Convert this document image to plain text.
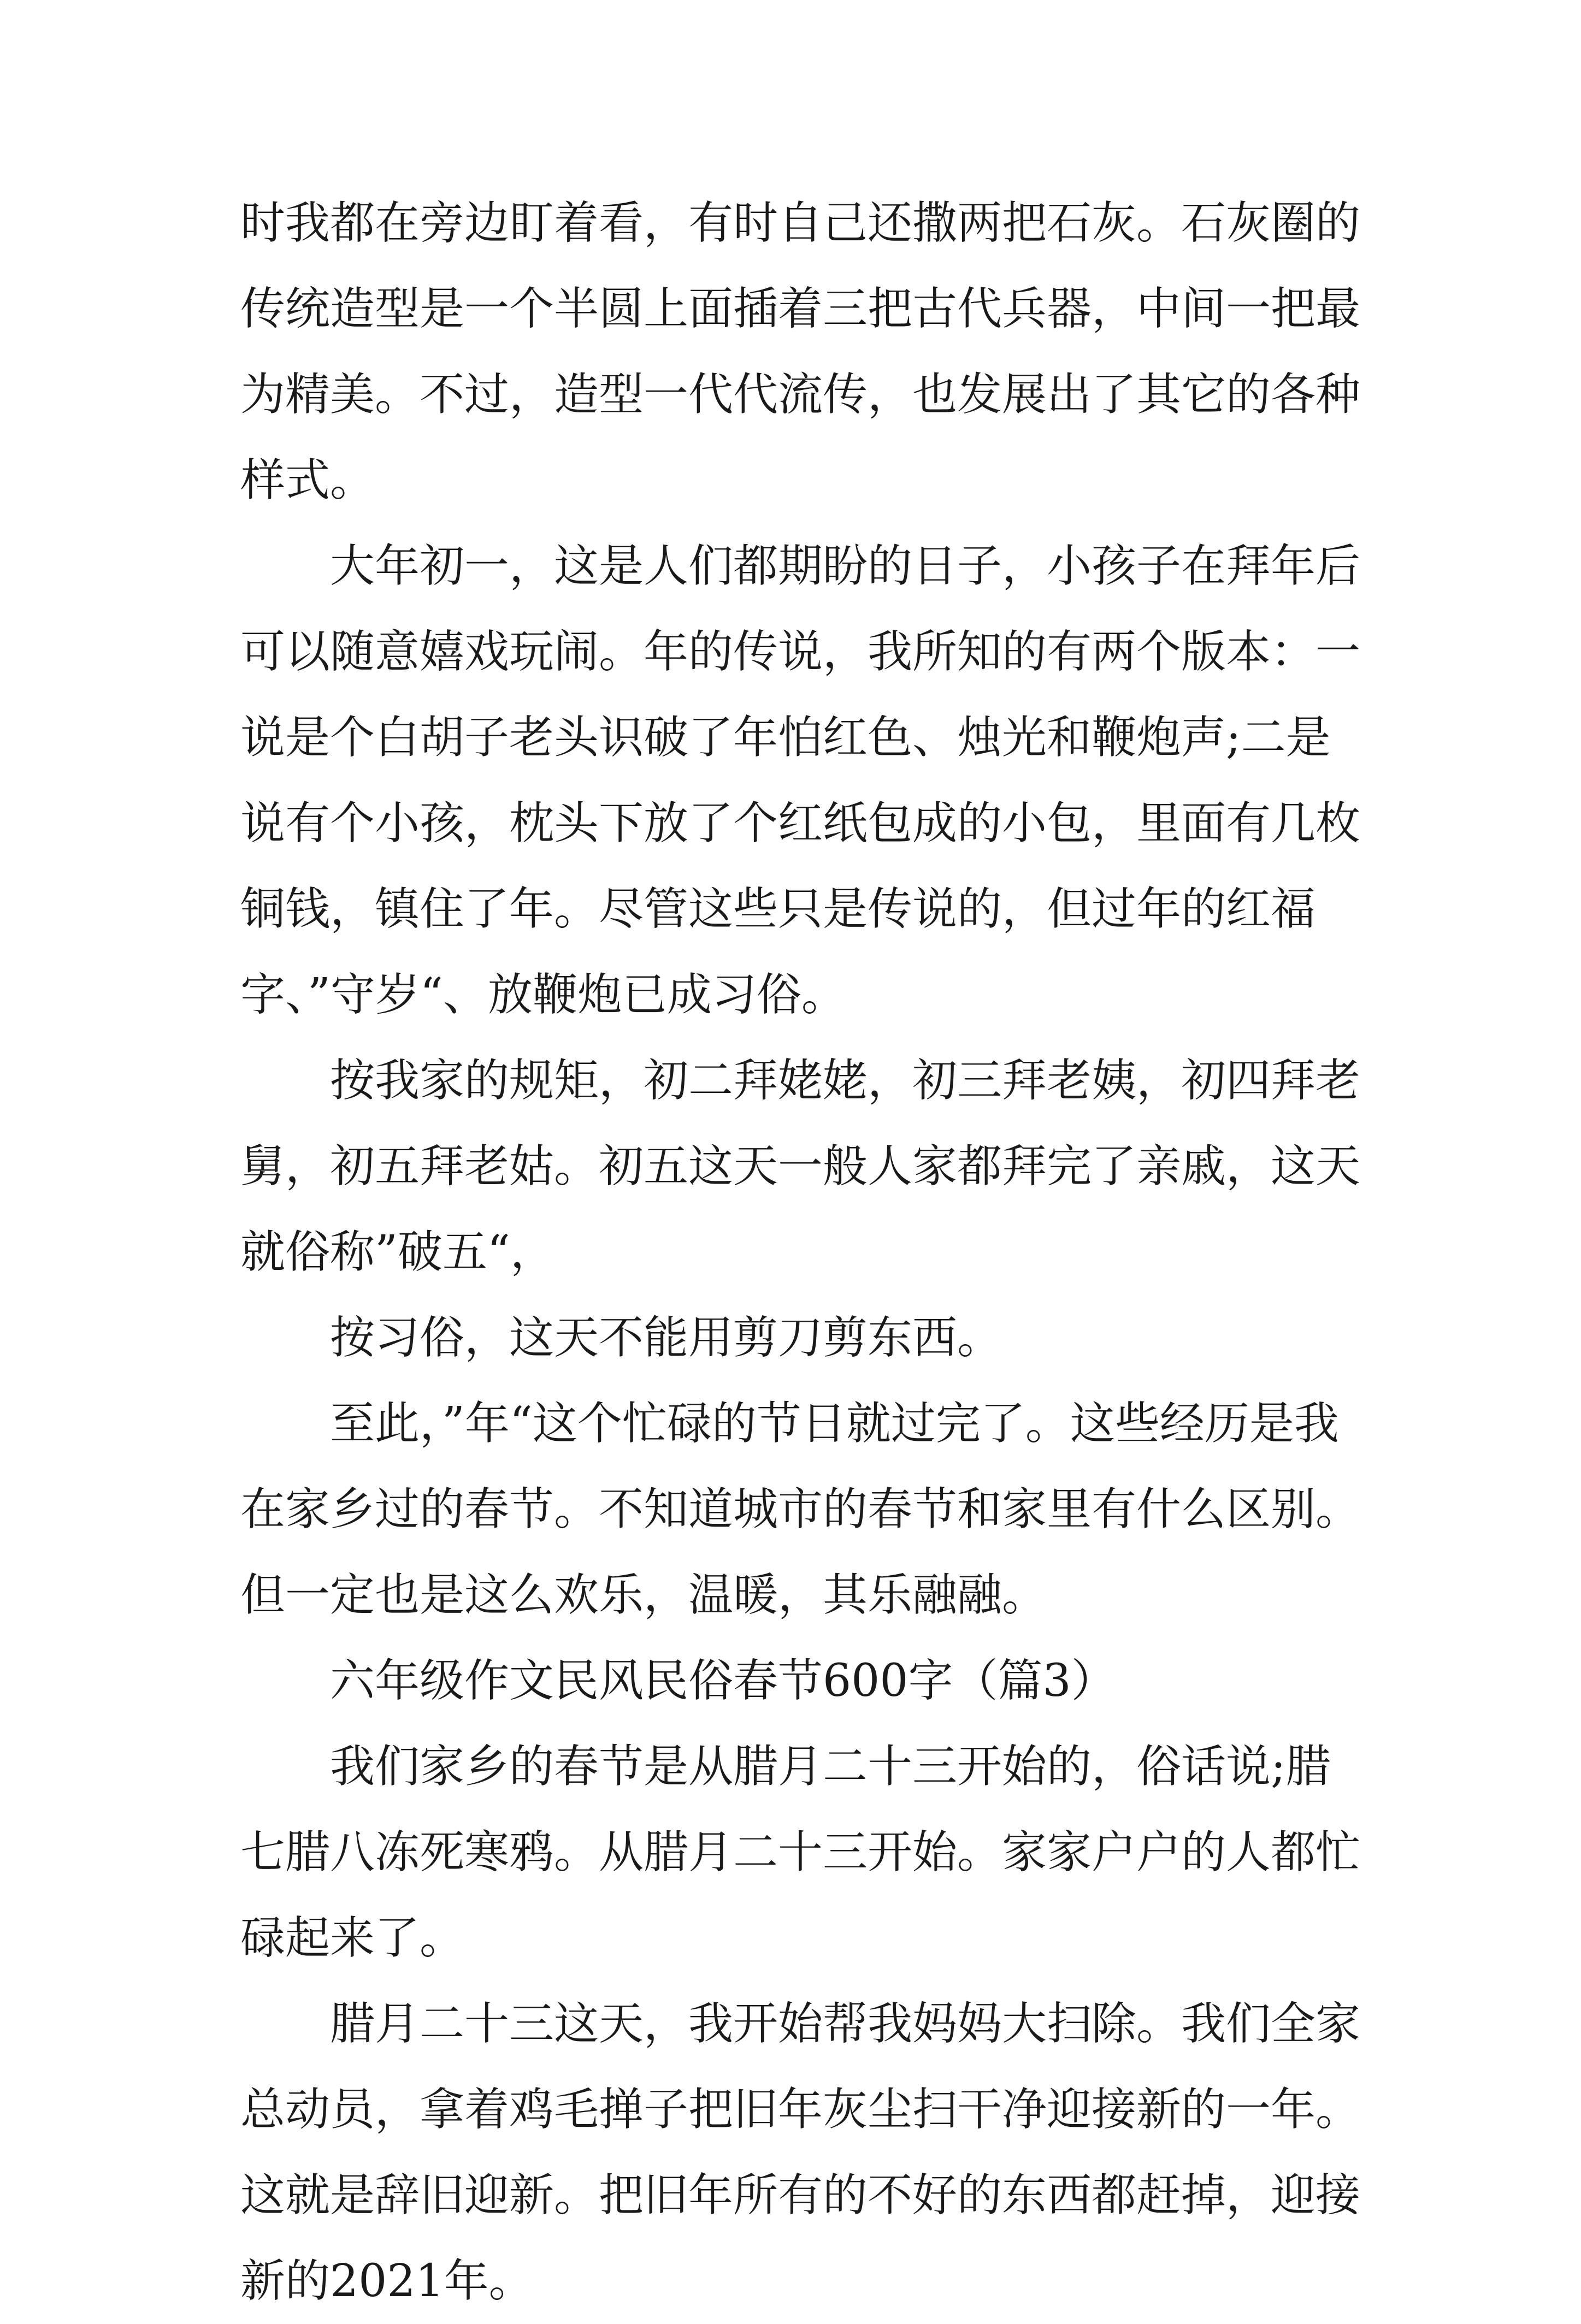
时我都在旁边盯着看，有时自己还撒两把石灰。石灰圈的传统造型是一个半圆上面插着三把古代兵器，中间一把最为精美。不过，造型一代代流传，也发展出了其它的各种样式。

大年初一，这是人们都期盼的日子，小孩子在拜年后可以随意嬉戏玩闹。年的传说，我所知的有两个版本：一说是个白胡子老头识破了年怕红色、烛光和鞭炮声;二是说有个小孩，枕头下放了个红纸包成的小包，里面有几枚铜钱，镇住了年。尽管这些只是传说的，但过年的红福字、”守岁“、放鞭炮已成习俗。

按我家的规矩，初二拜姥姥，初三拜老姨，初四拜老舅，初五拜老姑。初五这天一般人家都拜完了亲戚，这天就俗称”破五“，

按习俗，这天不能用剪刀剪东西。

至此，”年“这个忙碌的节日就过完了。这些经历是我在家乡过的春节。不知道城市的春节和家里有什么区别。但一定也是这么欢乐，温暖，其乐融融。

六年级作文民风民俗春节600字（篇3）

我们家乡的春节是从腊月二十三开始的，俗话说;腊七腊八冻死寒鸦。从腊月二十三开始。家家户户的人都忙碌起来了。

腊月二十三这天，我开始帮我妈妈大扫除。我们全家总动员，拿着鸡毛掸子把旧年灰尘扫干净迎接新的一年。这就是辞旧迎新。把旧年所有的不好的东西都赶掉，迎接新的2021年。
